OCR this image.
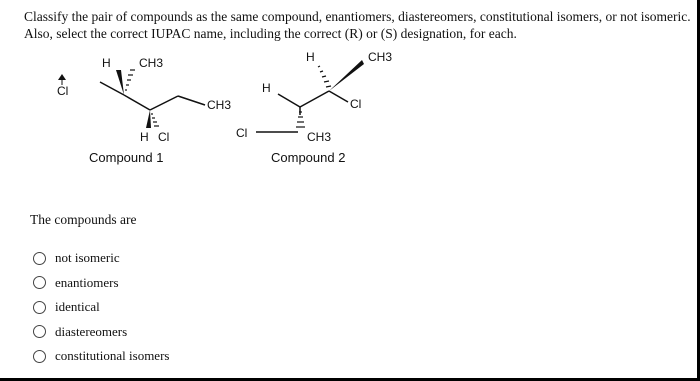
Classify the pair of compounds as the same compound, enantiomers, diastereomers, constitutional isomers, or not isomeric.
Also, select the correct IUPAC name, including the correct (R) or (S) designation, for each.
H CH3
Cl
CH3
H Cl
Compound 1
H	CH3
H
Cl
Cl	CH3
Compound 2
The compounds are
not isomeric
enantiomers
identical
diastereomers
constitutional isomers
